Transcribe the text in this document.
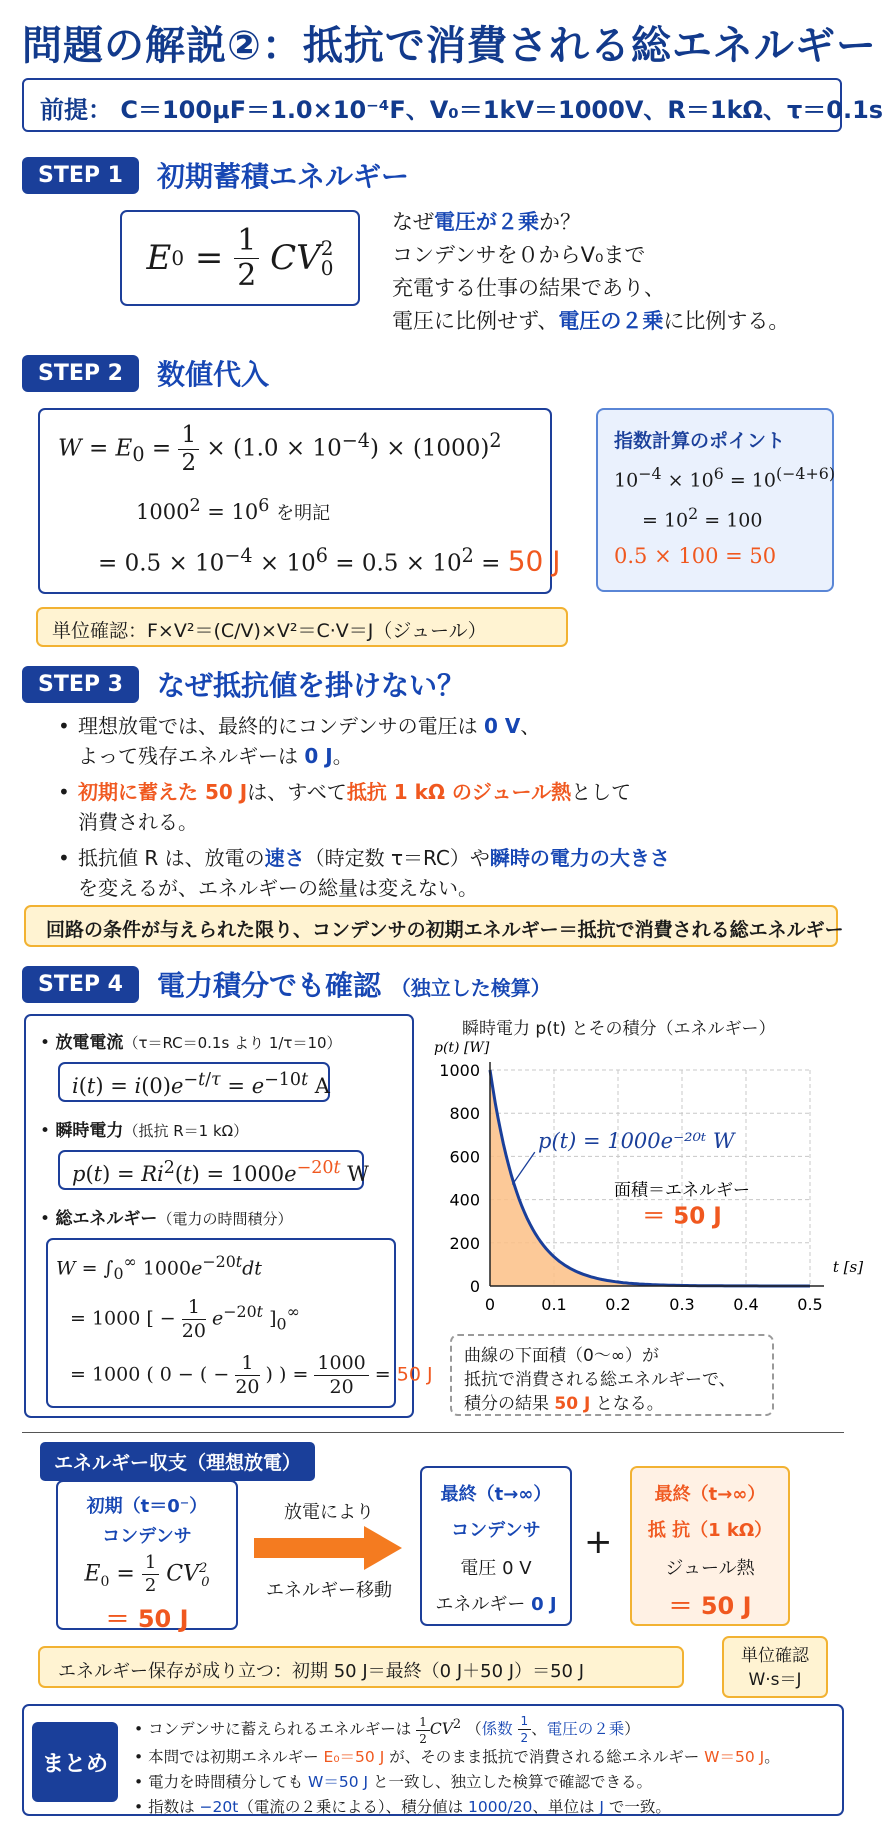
問題の解説②：抵抗で消費される総エネルギー
前提： C＝100μF＝1.0×10⁻⁴F、V₀＝1kV＝1000V、R＝1kΩ、τ＝0.1s
STEP 1	初期蓄積エネルギー
E $0 = \frac{1}{2}$ CV 2
0
なぜ電圧が２乗か？
コンデンサを０からV₀まで
充電する仕事の結果であり、
電圧に比例せず、電圧の２乗に比例する。
STEP 2	数値代入
$W = E_0 = \frac{1}{2} \times (1.0 \times 10^{-4}) \times (1000)^2$
$1000^2 = 10^6$ を明記
= $0.5 \times 10^{-4} \times 10^6 = 0.5 \times 10^2 = 50$ J
指数計算のポイント
$10^{-4} \times 10^6 = 10^{(-4+6)}$
= $10^2 = 100$
0.5 × 100 = 50
単位確認：F×V²＝(C/V)×V²＝C·V＝J（ジュール）
STEP 3	なぜ抵抗値を掛けない？
• 理想放電では、最終的にコンデンサの電圧は 0 V、
よって残存エネルギーは 0 J。
• 初期に蓄えた 50 Jは、すべて抵抗 1 kΩ のジュール熱として
消費される。
• 抵抗値 R は、放電の速さ（時定数 τ＝RC）や瞬時の電力の大きさ
を変えるが、エネルギーの総量は変えない。
回路の条件が与えられた限り、コンデンサの初期エネルギー＝抵抗で消費される総エネルギー
STEP 4	電力積分でも確認 （独立した検算）
• 放電電流（τ＝RC＝0.1s より 1/τ＝10）
$i(t) = i(0)e^{-t/\tau} = e^{-10t}$ A
• 瞬時電力（抵抗 R＝1 kΩ）
$p(t) = Ri^2(t) = 1000e^{-20t}$ W
• 総エネルギー（電力の時間積分）
$W = \int_0^\infty$ $1000e^{-20t}dt$
= 1000 [ − $\frac{1}{20} e^{-20t}$ ]$_0^\infty$
= 1000 ( 0 − ( − $\frac{1}{20}$ ) ) = $\frac{1000}{20} = 50$ J
瞬時電力 p(t) とその積分（エネルギー）
0	0.1 0.2 0.3 0.4 0.5
0
200
400
600
800
1000
p(t) [W]
t [s]
p(t) = 1000e⁻²⁰ᵗ W
面積＝エネルギー
＝ 50 J
曲線の下面積（0～∞）が
抵抗で消費される総エネルギーで、
積分の結果 50 J となる。
エネルギー収支（理想放電）
初期（t＝0⁻）
コンデンサ
$E_0 = \frac{1}{2} CV^2_0$
＝ 50 J
放電により
エネルギー移動
最終（t→∞）
コンデンサ
電圧 0 V
エネルギー 0 J
+
最終（t→∞）
抵 抗（1 kΩ）
ジュール熱
＝ 50 J
エネルギー保存が成り立つ：初期 50 J＝最終（0 J＋50 J）＝50 J
単位確認
W·s＝J
まとめ
• コンデンサに蓄えられるエネルギーは $\frac{1}{2} CV^2$ （係数 $\frac{1}{2}$ 、電圧の２乗）
• 本問では初期エネルギー E₀＝50 J が、そのまま抵抗で消費される総エネルギー W＝50 J。
• 電力を時間積分しても W＝50 J と一致し、独立した検算で確認できる。
• 指数は −20t（電流の２乗による）、積分値は 1000/20、単位は J で一致。
